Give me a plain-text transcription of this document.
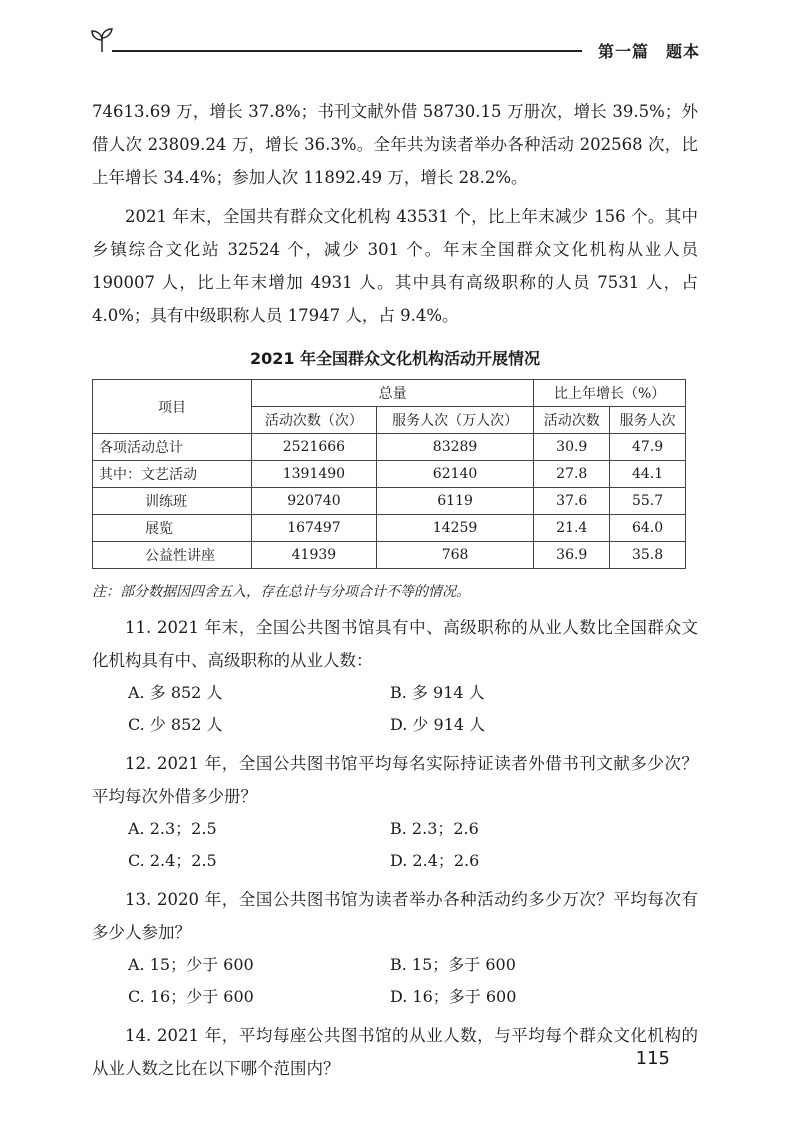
第一篇　题本

74613.69 万，增长 37.8%；书刊文献外借 58730.15 万册次，增长 39.5%；外借人次 23809.24 万，增长 36.3%。全年共为读者举办各种活动 202568 次，比上年增长 34.4%；参加人次 11892.49 万，增长 28.2%。

2021 年末，全国共有群众文化机构 43531 个，比上年末减少 156 个。其中乡镇综合文化站 32524 个，减少 301 个。年末全国群众文化机构从业人员 190007 人，比上年末增加 4931 人。其中具有高级职称的人员 7531 人，占 4.0%；具有中级职称人员 17947 人，占 9.4%。

2021 年全国群众文化机构活动开展情况
项目	总量		比上年增长（%）	
	活动次数（次）	服务人次（万人次）	活动次数	服务人次
各项活动总计	2521666	83289	30.9	47.9
其中：文艺活动	1391490	62140	27.8	44.1
训练班	920740	6119	37.6	55.7
展览	167497	14259	21.4	64.0
公益性讲座	41939	768	36.9	35.8
注：部分数据因四舍五入，存在总计与分项合计不等的情况。
11. 2021 年末，全国公共图书馆具有中、高级职称的从业人数比全国群众文化机构具有中、高级职称的从业人数：
A. 多 852 人	B. 多 914 人
C. 少 852 人	D. 少 914 人
12. 2021 年，全国公共图书馆平均每名实际持证读者外借书刊文献多少次？平均每次外借多少册？
A. 2.3；2.5	B. 2.3；2.6
C. 2.4；2.5	D. 2.4；2.6
13. 2020 年，全国公共图书馆为读者举办各种活动约多少万次？平均每次有多少人参加？
A. 15；少于 600	B. 15；多于 600
C. 16；少于 600	D. 16；多于 600
14. 2021 年，平均每座公共图书馆的从业人数，与平均每个群众文化机构的从业人数之比在以下哪个范围内？	115
